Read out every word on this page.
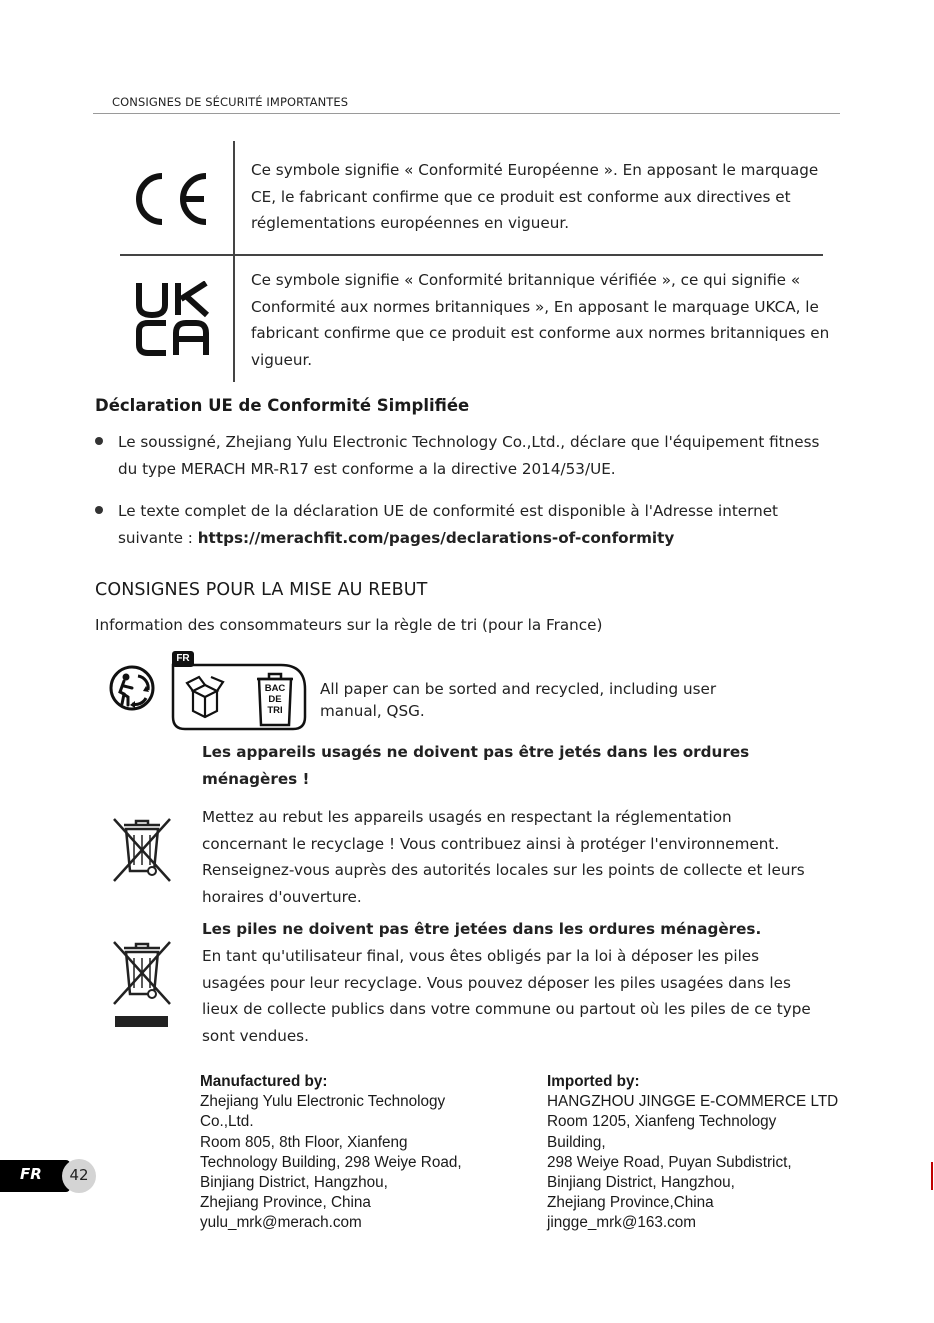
CONSIGNES DE SÉCURITÉ IMPORTANTES
Ce symbole signifie « Conformité Européenne ». En apposant le marquage CE, le fabricant confirme que ce produit est conforme aux directives et réglementations européennes en vigueur.
Ce symbole signifie « Conformité britannique vérifiée », ce qui signifie « Conformité aux normes britanniques », En apposant le marquage UKCA, le fabricant confirme que ce produit est conforme aux normes britanniques en vigueur.
Déclaration UE de Conformité Simplifiée
Le soussigné, Zhejiang Yulu Electronic Technology Co.,Ltd., déclare que l'équipement fitness du type MERACH MR-R17 est conforme a la directive 2014/53/UE.
Le texte complet de la déclaration UE de conformité est disponible à l'Adresse internet suivante : https://merachfit.com/pages/declarations-of-conformity
CONSIGNES POUR LA MISE AU REBUT
Information des consommateurs sur la règle de tri (pour la France)
FR
BAC
DE
TRI
All paper can be sorted and recycled, including user manual, QSG.
Les appareils usagés ne doivent pas être jetés dans les ordures ménagères !
Mettez au rebut les appareils usagés en respectant la réglementation concernant le recyclage ! Vous contribuez ainsi à protéger l'environnement. Renseignez-vous auprès des autorités locales sur les points de collecte et leurs horaires d'ouverture.
Les piles ne doivent pas être jetées dans les ordures ménagères.
En tant qu'utilisateur final, vous êtes obligés par la loi à déposer les piles usagées pour leur recyclage. Vous pouvez déposer les piles usagées dans les lieux de collecte publics dans votre commune ou partout où les piles de ce type sont vendues.
Manufactured by:
Zhejiang Yulu Electronic Technology
Co.,Ltd.
Room 805, 8th Floor, Xianfeng
Technology Building, 298 Weiye Road,
Binjiang District, Hangzhou,
Zhejiang Province, China
yulu_mrk@merach.com
Imported by:
HANGZHOU JINGGE E-COMMERCE LTD
Room 1205, Xianfeng Technology
Building,
298 Weiye Road, Puyan Subdistrict,
Binjiang District, Hangzhou,
Zhejiang Province,China
jingge_mrk@163.com
FR	42
